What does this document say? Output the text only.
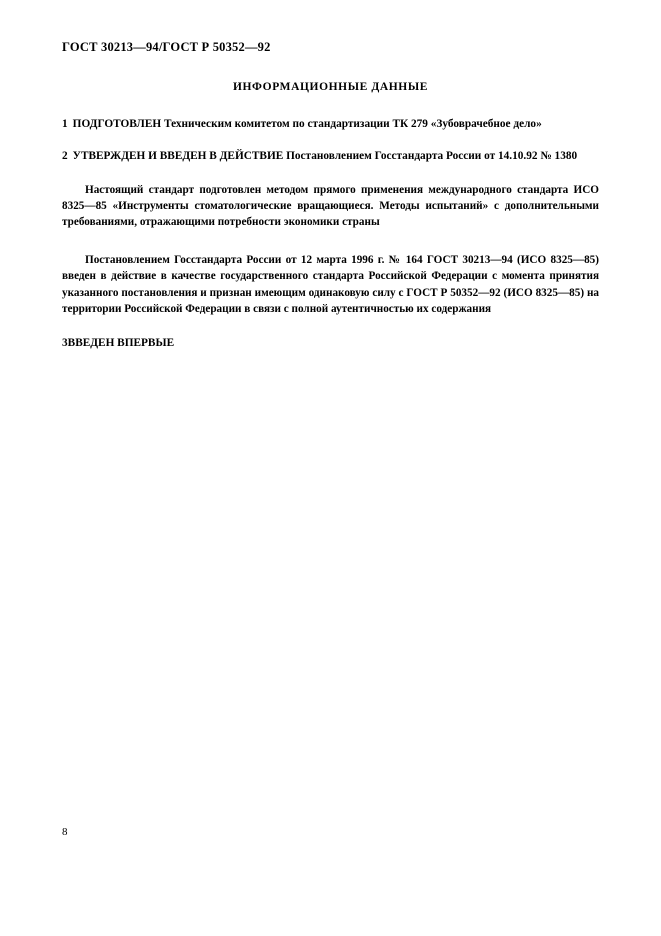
ГОСТ 30213—94/ГОСТ Р 50352—92
ИНФОРМАЦИОННЫЕ ДАННЫЕ
1 ПОДГОТОВЛЕН Техническим комитетом по стандартизации ТК 279 «Зубоврачебное дело»
2 УТВЕРЖДЕН И ВВЕДЕН В ДЕЙСТВИЕ Постановлением Госстандарта России от 14.10.92 № 1380
Настоящий стандарт подготовлен методом прямого применения международного стандарта ИСО 8325—85 «Инструменты стоматологические вращающиеся. Методы испытаний» с дополнительными требованиями, отражающими потребности экономики страны
Постановлением Госстандарта России от 12 марта 1996 г. № 164 ГОСТ 30213—94 (ИСО 8325—85) введен в действие в качестве государственного стандарта Российской Федерации с момента принятия указанного постановления и признан имеющим одинаковую силу с ГОСТ Р 50352—92 (ИСО 8325—85) на территории Российской Федерации в связи с полной аутентичностью их содержания
3ВВЕДЕН ВПЕРВЫЕ
8
